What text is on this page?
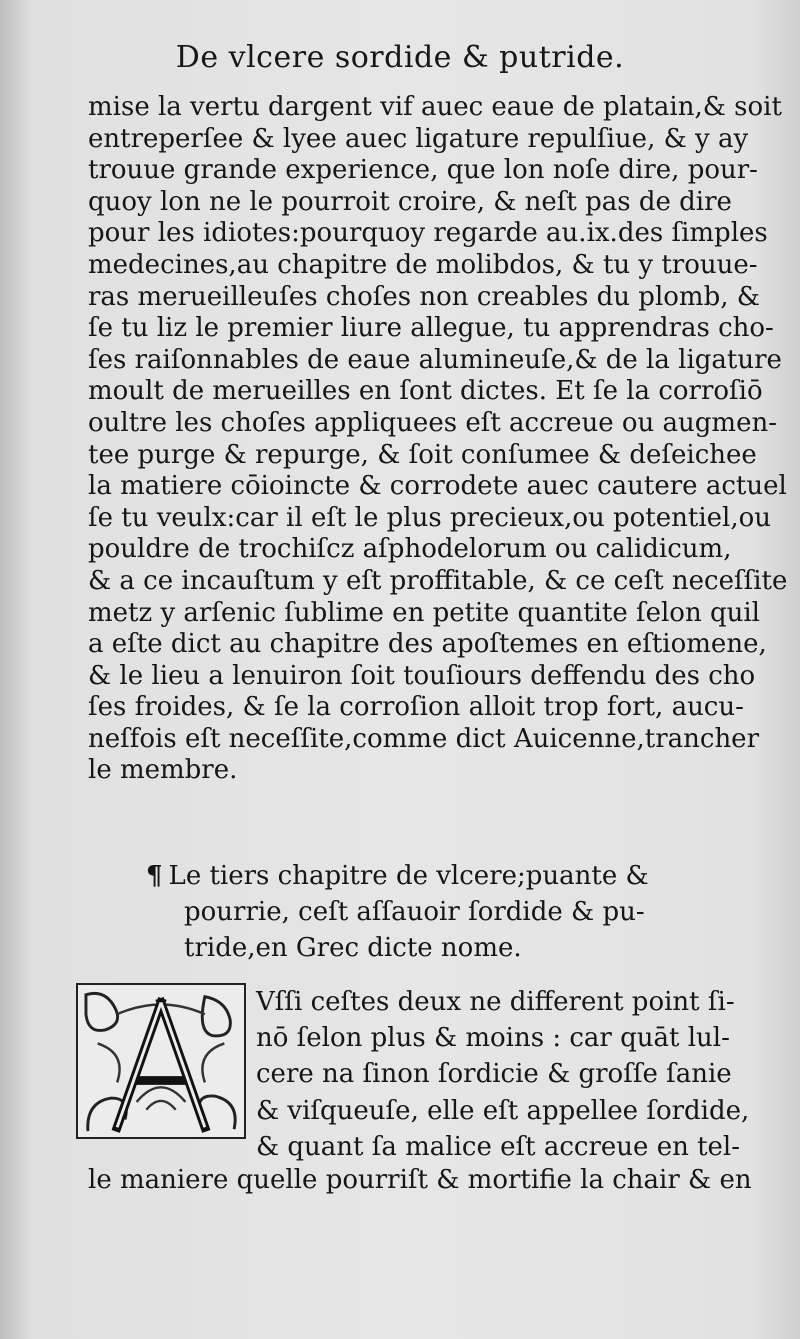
De vlcere sordide & putride.
mise la vertu dargent vif auec eaue de platain,& soit
entreperſee & lyee auec ligature repulſiue, & y ay
trouue grande experience, que lon noſe dire, pour-
quoy lon ne le pourroit croire, & neſt pas de dire
pour les idiotes:pourquoy regarde au.ix.des ſimples
medecines,au chapitre de molibdos, & tu y trouue-
ras merueilleuſes choſes non creables du plomb, &
ſe tu liz le premier liure allegue, tu apprendras cho-
ſes raiſonnables de eaue alumineuſe,& de la ligature
moult de merueilles en ſont dictes. Et ſe la corroſiō
oultre les choſes appliquees eſt accreue ou augmen-
tee purge & repurge, & ſoit conſumee & deſeichee
la matiere cōioincte & corrodete auec cautere actuel
ſe tu veulx:car il eſt le plus precieux,ou potentiel,ou
pouldre de trochiſcz aſphodelorum ou calidicum,
& a ce incauſtum y eſt proffitable, & ce ceſt neceſſite
metz y arſenic ſublime en petite quantite ſelon quil
a eſte dict au chapitre des apoſtemes en eſtiomene,
& le lieu a lenuiron ſoit touſiours deffendu des cho
ſes froides, & ſe la corroſion alloit trop fort, aucu-
neſfois eſt neceſſite,comme dict Auicenne,trancher
le membre.
¶ Le tiers chapitre de vlcere;puante &
pourrie, ceſt aſſauoir ſordide & pu-
tride,en Grec dicte nome.
Vſſi ceſtes deux ne different point ſi-
nō ſelon plus & moins : car quāt lul-
cere na ſinon ſordicie & groſſe ſanie
& viſqueuſe, elle eſt appellee ſordide,
& quant ſa malice eſt accreue en tel-
le maniere quelle pourriſt & mortifie la chair & en
